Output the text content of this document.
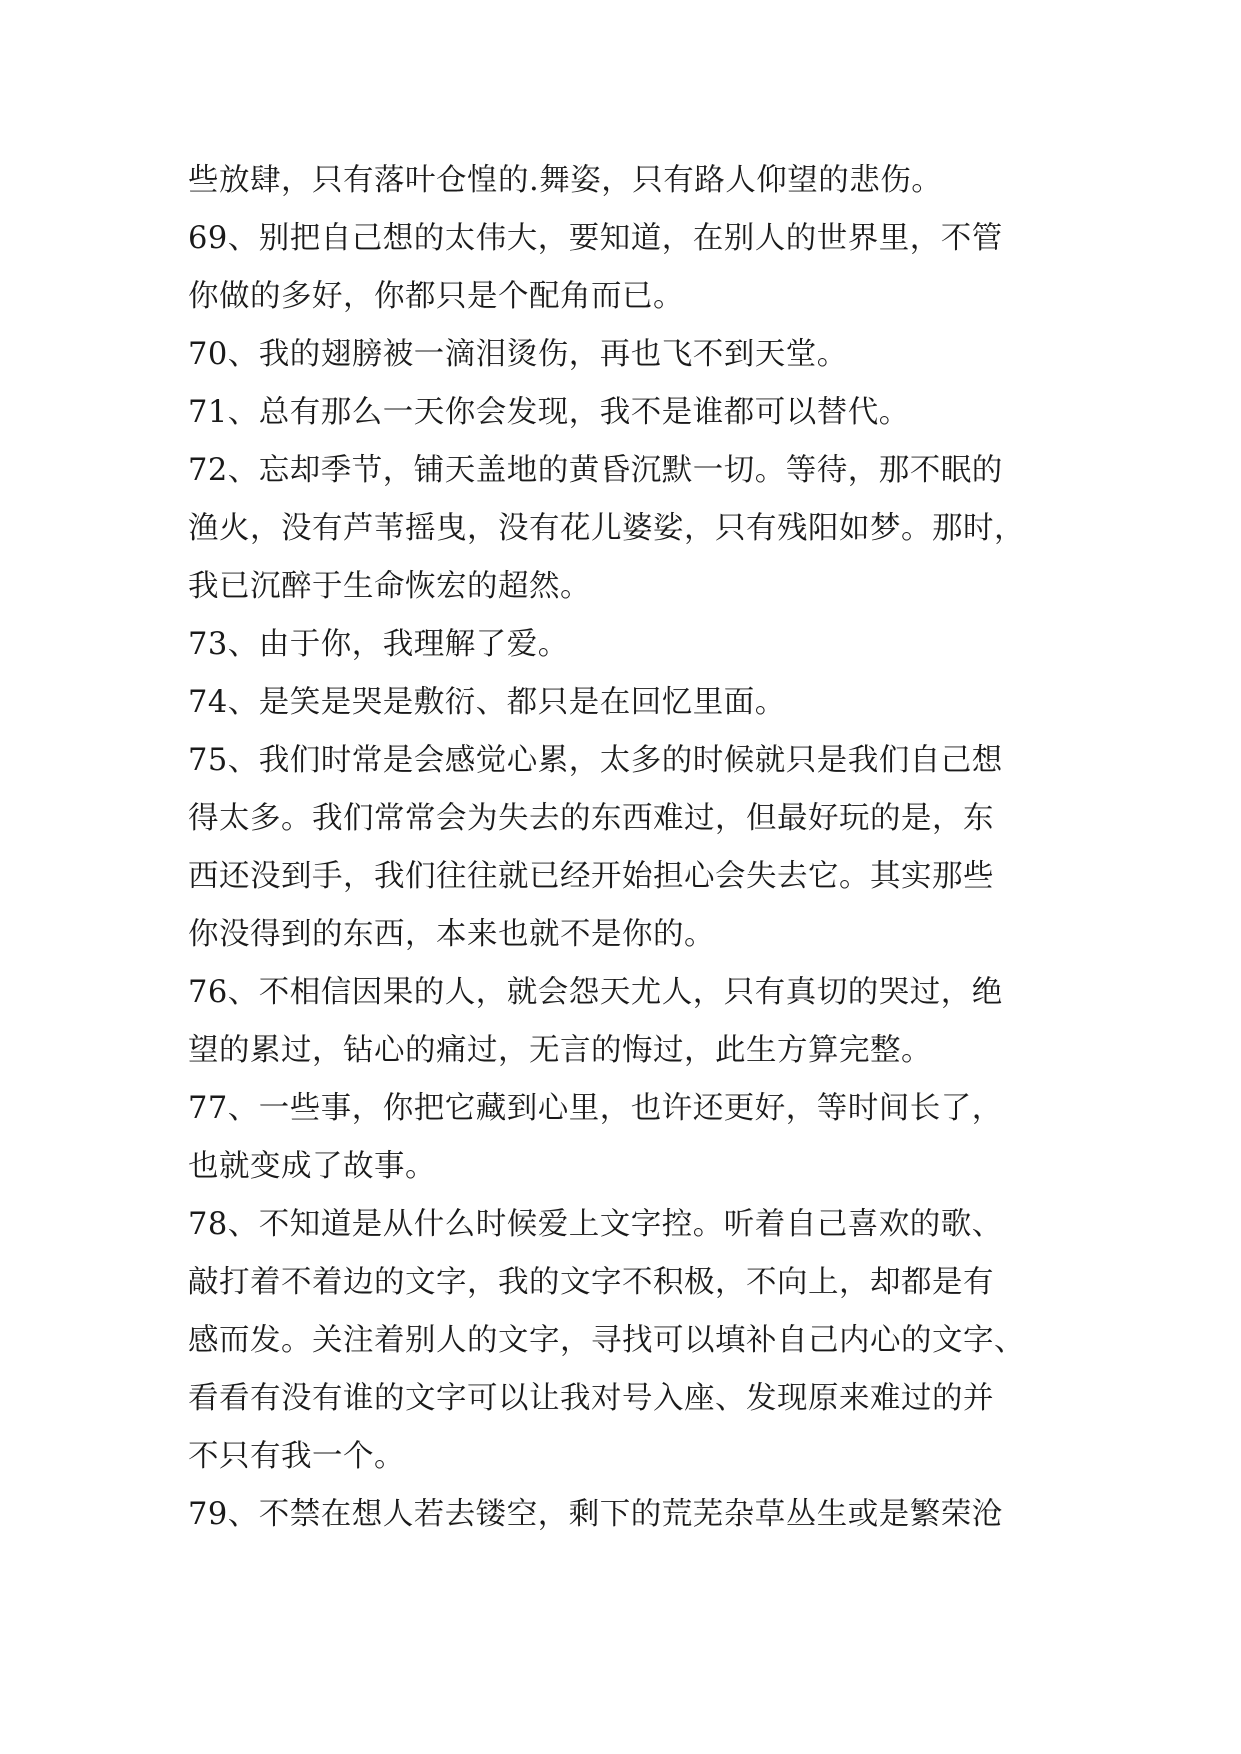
些放肆，只有落叶仓惶的.舞姿，只有路人仰望的悲伤。
69、别把自己想的太伟大，要知道，在别人的世界里，不管
你做的多好，你都只是个配角而已。
70、我的翅膀被一滴泪烫伤，再也飞不到天堂。
71、总有那么一天你会发现，我不是谁都可以替代。
72、忘却季节，铺天盖地的黄昏沉默一切。等待，那不眠的
渔火，没有芦苇摇曳，没有花儿婆娑，只有残阳如梦。那时，
我已沉醉于生命恢宏的超然。
73、由于你，我理解了爱。
74、是笑是哭是敷衍、都只是在回忆里面。
75、我们时常是会感觉心累，太多的时候就只是我们自己想
得太多。我们常常会为失去的东西难过，但最好玩的是，东
西还没到手，我们往往就已经开始担心会失去它。其实那些
你没得到的东西，本来也就不是你的。
76、不相信因果的人，就会怨天尤人，只有真切的哭过，绝
望的累过，钻心的痛过，无言的悔过，此生方算完整。
77、一些事，你把它藏到心里，也许还更好，等时间长了，
也就变成了故事。
78、不知道是从什么时候爱上文字控。听着自己喜欢的歌、
敲打着不着边的文字，我的文字不积极，不向上，却都是有
感而发。关注着别人的文字，寻找可以填补自己内心的文字、
看看有没有谁的文字可以让我对号入座、发现原来难过的并
不只有我一个。
79、不禁在想人若去镂空，剩下的荒芜杂草丛生或是繁荣沧
